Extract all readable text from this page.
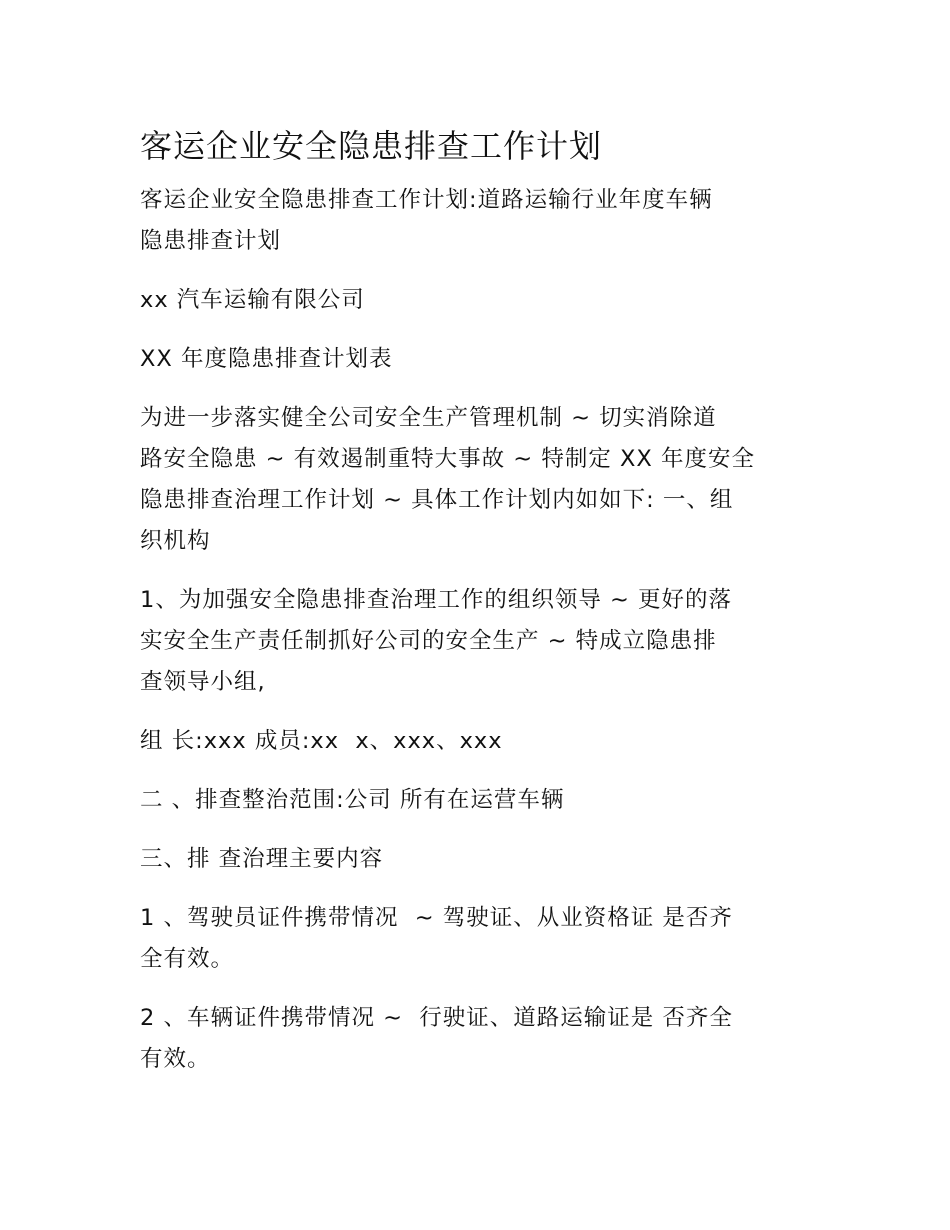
客运企业安全隐患排查工作计划

客运企业安全隐患排查工作计划:道路运输行业年度车辆
隐患排查计划

xx 汽车运输有限公司

XX 年度隐患排查计划表

为进一步落实健全公司安全生产管理机制 ~ 切实消除道
路安全隐患 ~ 有效遏制重特大事故 ~ 特制定 XX 年度安全
隐患排查治理工作计划 ~ 具体工作计划内如如下: 一、组
织机构

1、为加强安全隐患排查治理工作的组织领导 ~ 更好的落
实安全生产责任制抓好公司的安全生产 ~ 特成立隐患排
查领导小组,

组 长:xxx 成员:xx  x、xxx、xxx

二 、排查整治范围:公司 所有在运营车辆

三、排 查治理主要内容

1 、驾驶员证件携带情况  ~ 驾驶证、从业资格证 是否齐
全有效。

2 、车辆证件携带情况 ~  行驶证、道路运输证是 否齐全
有效。
